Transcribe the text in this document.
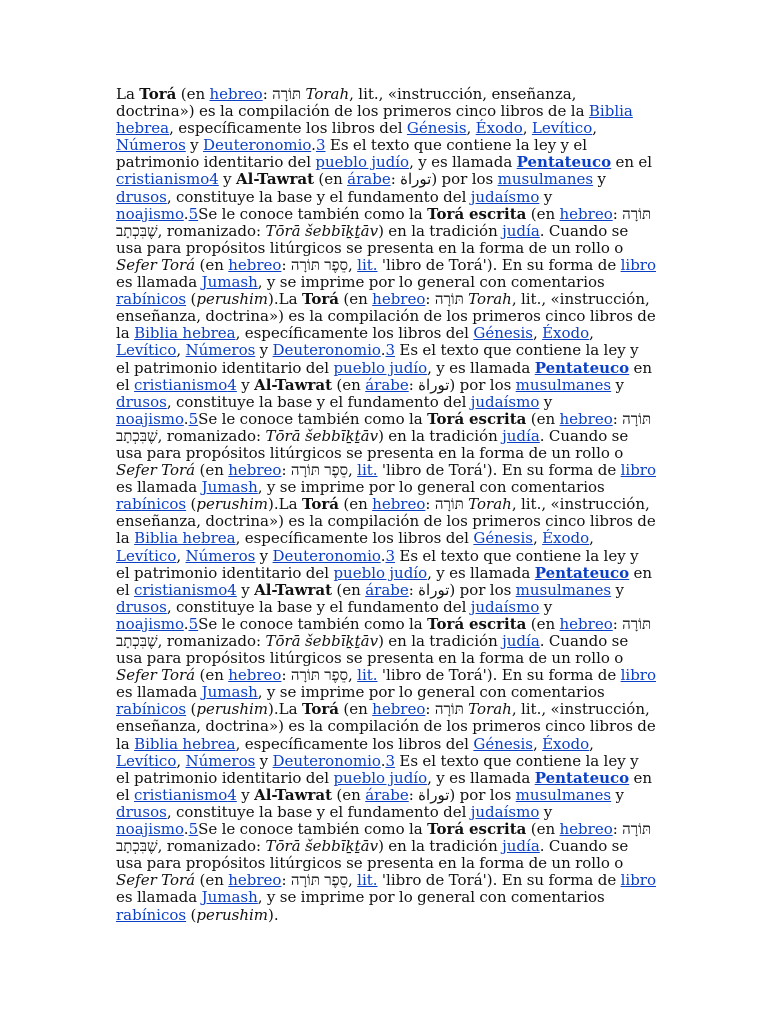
La Torá (en hebreo: תּוֹרָה Torah, lit., «instrucción, enseñanza, doctrina») es la compilación de los primeros cinco libros de la Biblia hebrea, específicamente los libros del Génesis, Éxodo, Levítico, Números y Deuteronomio.3 Es el texto que contiene la ley y el patrimonio identitario del pueblo judío, y es llamada Pentateuco en el cristianismo4 y Al-Tawrat (en árabe: توراة) por los musulmanes y drusos, constituye la base y el fundamento del judaísmo y noajismo.5Se le conoce también como la Torá escrita (en hebreo: תּוֹרָה שֶׁבִּכְתָב, romanizado: Tōrā šebbīḵṯāv) en la tradición judía. Cuando se usa para propósitos litúrgicos se presenta en la forma de un rollo o Sefer Torá (en hebreo: סֵפֶר תּוֹרָה, lit. 'libro de Torá'). En su forma de libro es llamada Jumash, y se imprime por lo general con comentarios rabínicos (perushim).La Torá (en hebreo: תּוֹרָה Torah, lit., «instrucción, enseñanza, doctrina») es la compilación de los primeros cinco libros de la Biblia hebrea, específicamente los libros del Génesis, Éxodo, Levítico, Números y Deuteronomio.3 Es el texto que contiene la ley y el patrimonio identitario del pueblo judío, y es llamada Pentateuco en el cristianismo4 y Al-Tawrat (en árabe: توراة) por los musulmanes y drusos, constituye la base y el fundamento del judaísmo y noajismo.5Se le conoce también como la Torá escrita (en hebreo: תּוֹרָה שֶׁבִּכְתָב, romanizado: Tōrā šebbīḵṯāv) en la tradición judía. Cuando se usa para propósitos litúrgicos se presenta en la forma de un rollo o Sefer Torá (en hebreo: סֵפֶר תּוֹרָה, lit. 'libro de Torá'). En su forma de libro es llamada Jumash, y se imprime por lo general con comentarios rabínicos (perushim).La Torá (en hebreo: תּוֹרָה Torah, lit., «instrucción, enseñanza, doctrina») es la compilación de los primeros cinco libros de la Biblia hebrea, específicamente los libros del Génesis, Éxodo, Levítico, Números y Deuteronomio.3 Es el texto que contiene la ley y el patrimonio identitario del pueblo judío, y es llamada Pentateuco en el cristianismo4 y Al-Tawrat (en árabe: توراة) por los musulmanes y drusos, constituye la base y el fundamento del judaísmo y noajismo.5Se le conoce también como la Torá escrita (en hebreo: תּוֹרָה שֶׁבִּכְתָב, romanizado: Tōrā šebbīḵṯāv) en la tradición judía. Cuando se usa para propósitos litúrgicos se presenta en la forma de un rollo o Sefer Torá (en hebreo: סֵפֶר תּוֹרָה, lit. 'libro de Torá'). En su forma de libro es llamada Jumash, y se imprime por lo general con comentarios rabínicos (perushim).La Torá (en hebreo: תּוֹרָה Torah, lit., «instrucción, enseñanza, doctrina») es la compilación de los primeros cinco libros de la Biblia hebrea, específicamente los libros del Génesis, Éxodo, Levítico, Números y Deuteronomio.3 Es el texto que contiene la ley y el patrimonio identitario del pueblo judío, y es llamada Pentateuco en el cristianismo4 y Al-Tawrat (en árabe: توراة) por los musulmanes y drusos, constituye la base y el fundamento del judaísmo y noajismo.5Se le conoce también como la Torá escrita (en hebreo: תּוֹרָה שֶׁבִּכְתָב, romanizado: Tōrā šebbīḵṯāv) en la tradición judía. Cuando se usa para propósitos litúrgicos se presenta en la forma de un rollo o Sefer Torá (en hebreo: סֵפֶר תּוֹרָה, lit. 'libro de Torá'). En su forma de libro es llamada Jumash, y se imprime por lo general con comentarios rabínicos (perushim).
